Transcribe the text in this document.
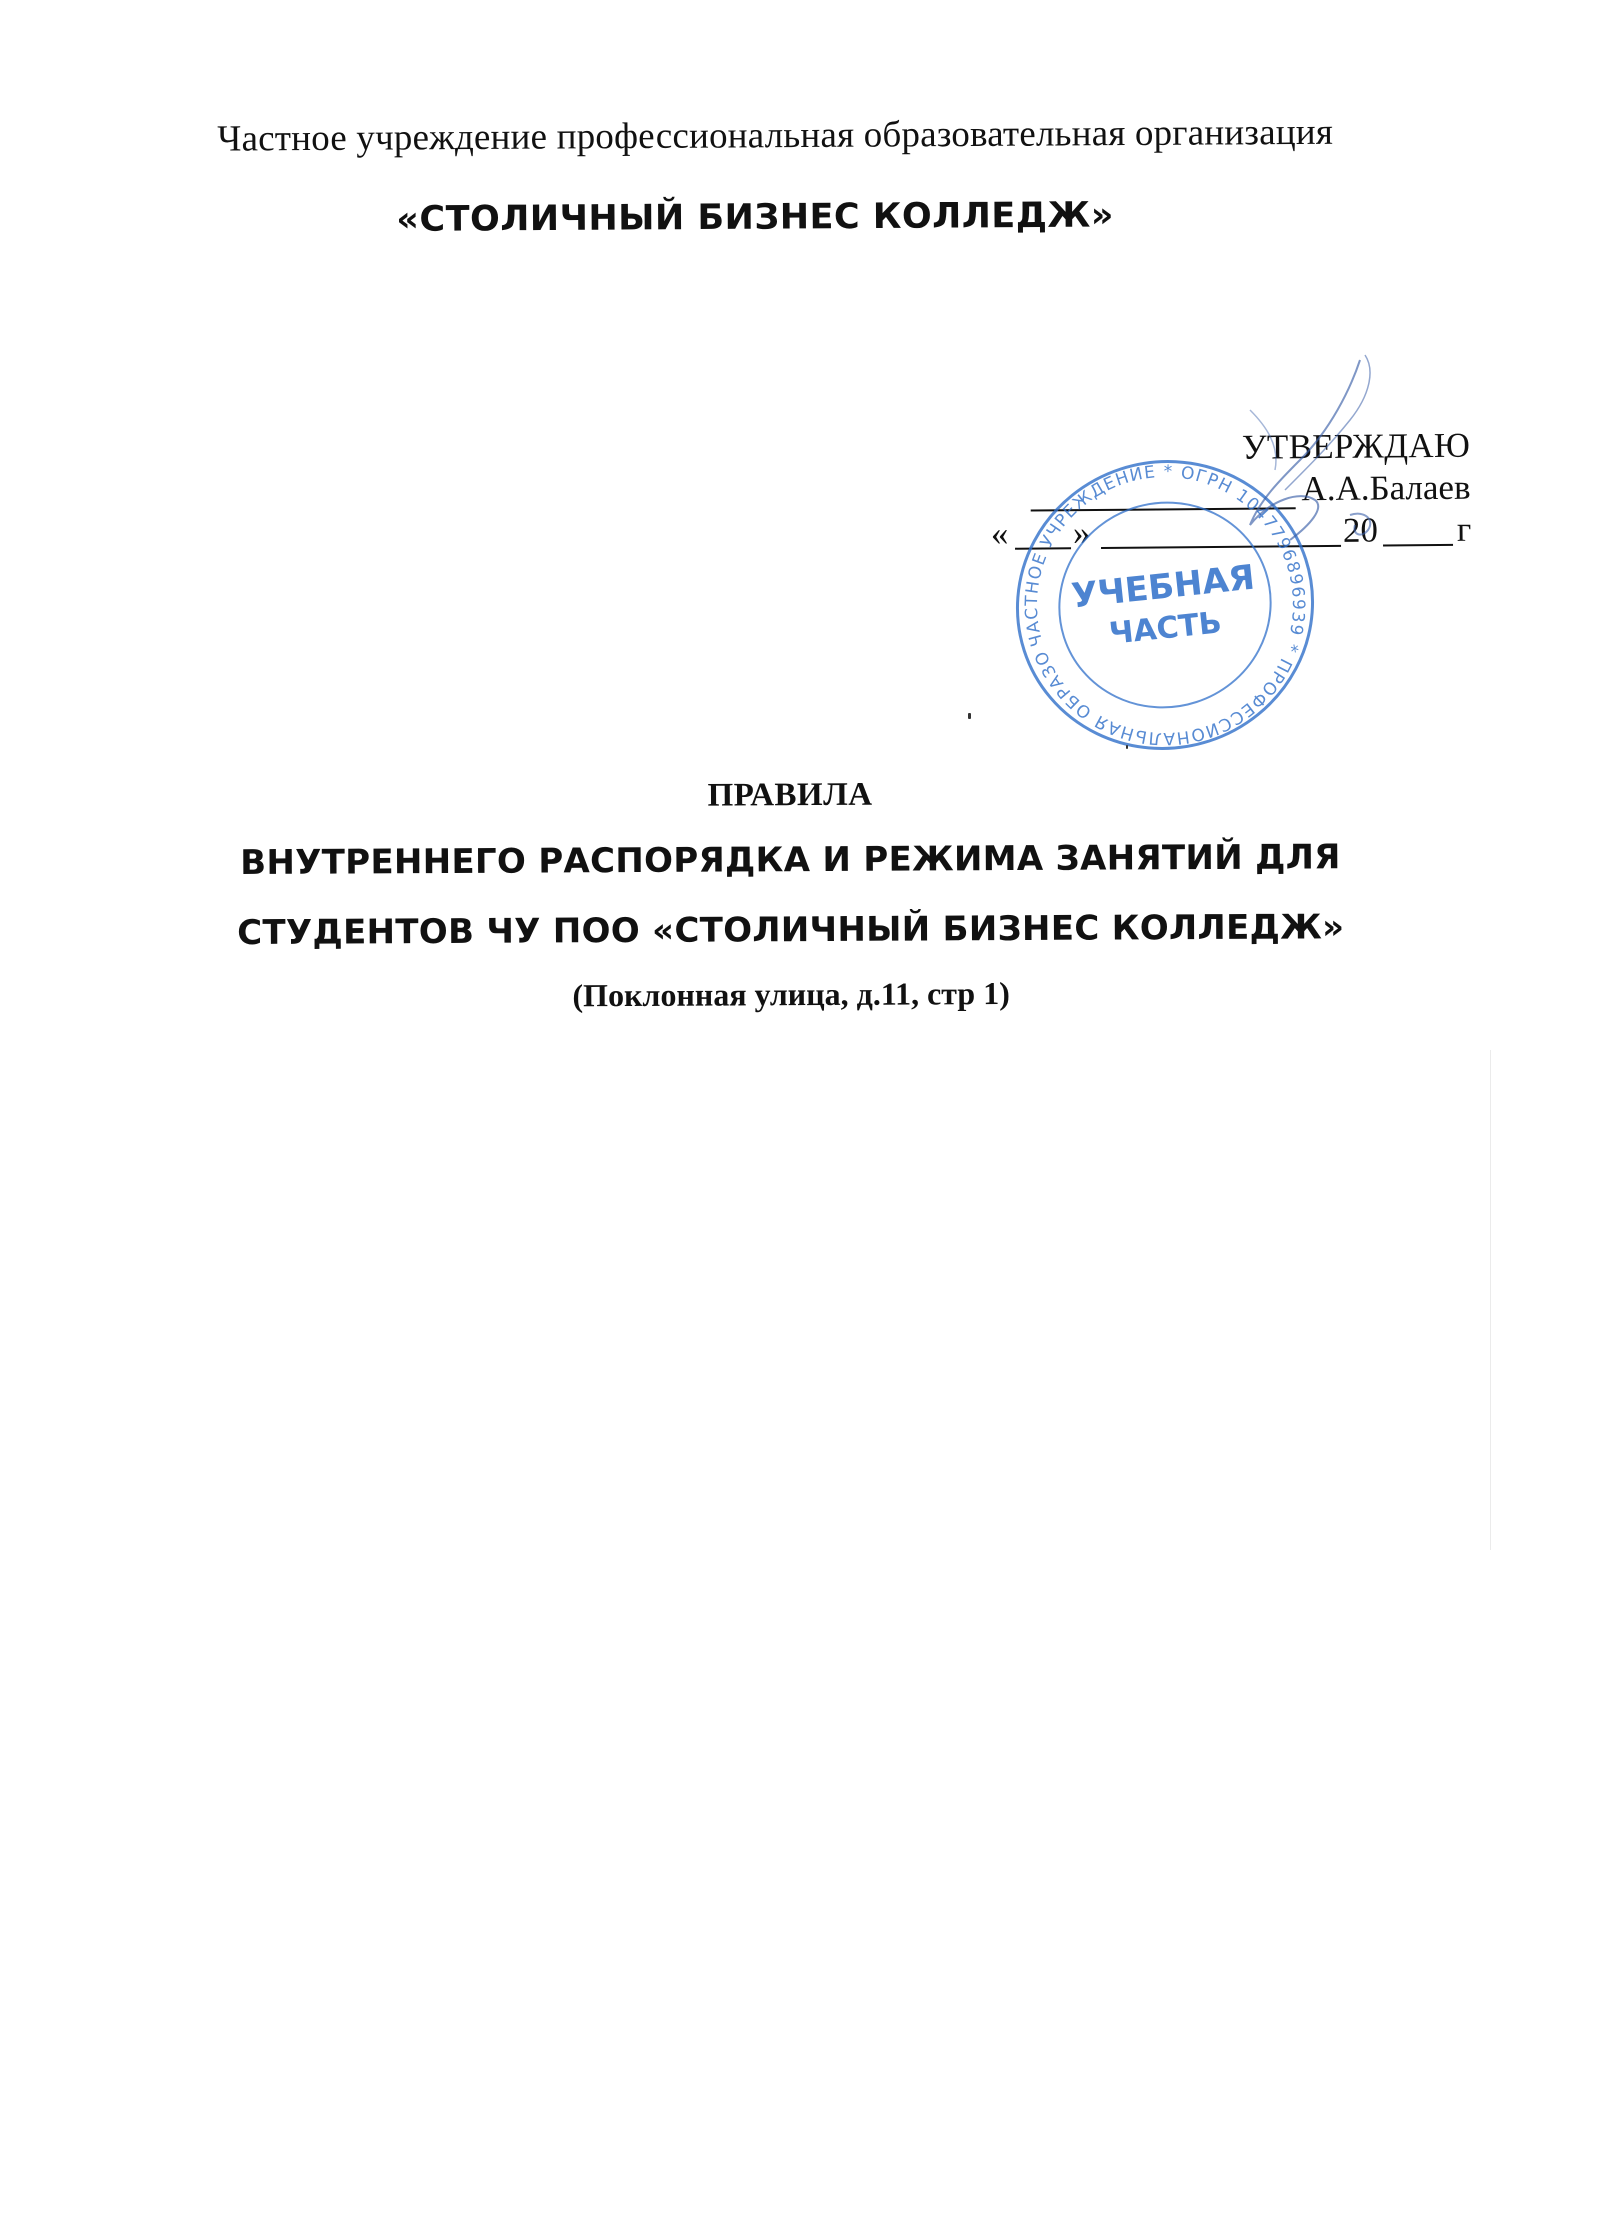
Частное учреждение профессиональная образовательная организация
«СТОЛИЧНЫЙ БИЗНЕС КОЛЛЕДЖ»
УТВЕРЖДАЮ
А.А.Балаев
« »	20 г
ЧАСТНОЕ УЧРЕЖДЕНИЕ * ОГРН 1047796896939 * ПРОФЕССИОНАЛЬНАЯ ОБРАЗОВАТЕЛЬНАЯ ОРГАНИЗАЦИЯ СТОЛИЧНЫЙ БИЗНЕС КОЛЛЕДЖ * МОСКВА
УЧЕБНАЯ
ЧАСТЬ
ПРАВИЛА
ВНУТРЕННЕГО РАСПОРЯДКА И РЕЖИМА ЗАНЯТИЙ ДЛЯ
СТУДЕНТОВ ЧУ ПОО «СТОЛИЧНЫЙ БИЗНЕС КОЛЛЕДЖ»
(Поклонная улица, д.11, стр 1)
